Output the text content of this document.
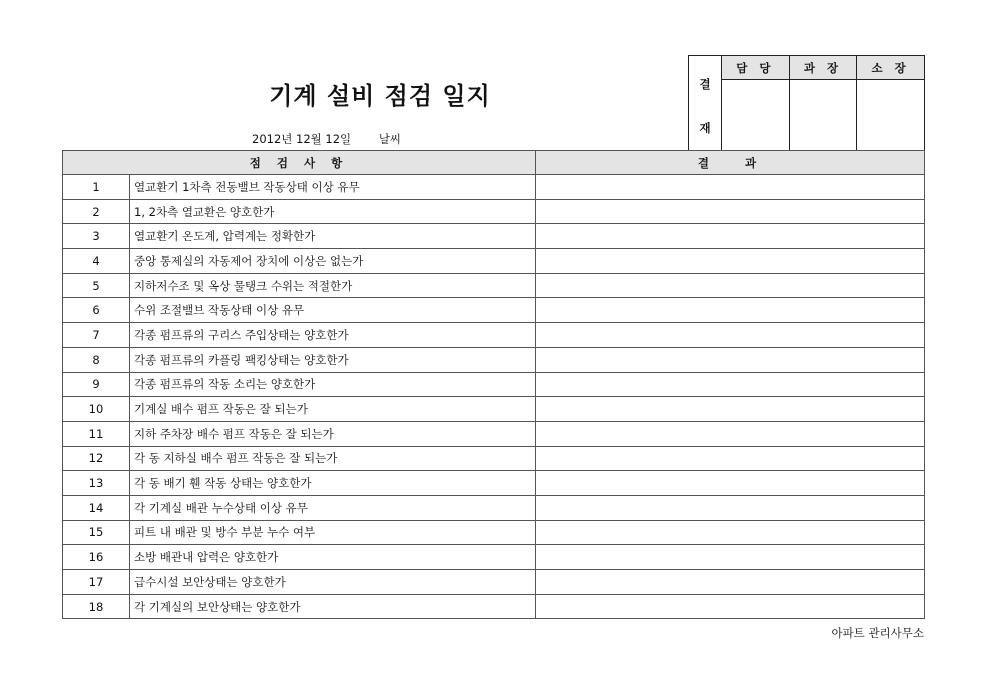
기계 설비 점검 일지
2012년 12월 12일 날씨
결
재	담 당	과 장	소 장

점 검 사 항		결   과
1	열교환기 1차측 전동밸브 작동상태 이상 유무	
2	1, 2차측 열교환은 양호한가	
3	열교환기 온도계, 압력계는 정확한가	
4	중앙 통제실의 자동제어 장치에 이상은 없는가	
5	지하저수조 및 옥상 물탱크 수위는 적절한가	
6	수위 조절밸브 작동상태 이상 유무	
7	각종 펌프류의 구리스 주입상태는 양호한가	
8	각종 펌프류의 카플링 팩킹상태는 양호한가	
9	각종 펌프류의 작동 소리는 양호한가	
10	기계실 배수 펌프 작동은 잘 되는가	
11	지하 주차장 배수 펌프 작동은 잘 되는가	
12	각 동 지하실 배수 펌프 작동은 잘 되는가	
13	각 동 배기 휀 작동 상태는 양호한가	
14	각 기계실 배관 누수상태 이상 유무	
15	피트 내 배관 및 방수 부분 누수 여부	
16	소방 배관내 압력은 양호한가	
17	급수시설 보안상태는 양호한가	
18	각 기계실의 보안상태는 양호한가	
아파트 관리사무소
